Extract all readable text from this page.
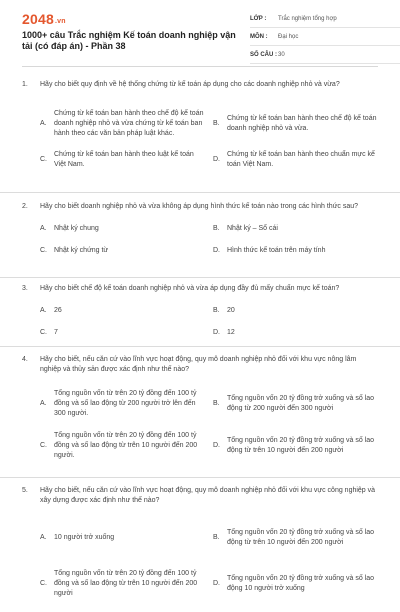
2048.vn
1000+ câu Trắc nghiệm Kế toán doanh nghiệp vận tải (có đáp án) - Phần 38
LỚP :	Trắc nghiệm tổng hợp
MÔN :	Đại học
SỐ CÂU : 30
1.	Hãy cho biết quy định về hệ thống chứng từ kế toán áp dụng cho các doanh nghiệp nhỏ và vừa?
A.
Chứng từ kế toán ban hành theo chế độ kế toán doanh nghiệp nhỏ và vừa chứng từ kế toán ban hành theo các văn bản pháp luật khác.
B.
Chứng từ kế toán ban hành theo chế độ kế toán doanh nghiệp nhỏ và vừa.
C.
Chứng từ kế toán ban hành theo luật kế toán Việt Nam.
D.
Chứng từ kế toán ban hành theo chuẩn mực kế toán Việt Nam.
2.	Hãy cho biết doanh nghiệp nhỏ và vừa không áp dụng hình thức kế toán nào trong các hình thức sau?
A.	Nhật ký chung	B.	Nhật ký – Sổ cái
C.	Nhật ký chứng từ	D.	Hình thức kế toán trên máy tính
3.	Hãy cho biết chế độ kế toán doanh nghiệp nhỏ và vừa áp dụng đầy đủ mấy chuẩn mực kế toán?
A.	26	B.	20
C.	7	D.	12
4.	Hãy cho biết, nếu căn cứ vào lĩnh vực hoạt động, quy mô doanh nghiệp nhỏ đối với khu vực nông lâm nghiệp và thủy sản được xác định như thế nào?
A.
Tổng nguồn vốn từ trên 20 tỷ đồng đến 100 tỷ đồng và số lao động từ 200 người trở lên đến 300 người.
B.
Tổng nguồn vốn 20 tỷ đồng trở xuống và số lao động từ 200 người đến 300 người
C.
Tổng nguồn vốn từ trên 20 tỷ đồng đến 100 tỷ đồng và số lao động từ trên 10 người đến 200 người.
D.
Tổng nguồn vốn 20 tỷ đồng trở xuống và số lao động từ trên 10 người đến 200 người
5.	Hãy cho biết, nếu căn cứ vào lĩnh vực hoạt động, quy mô doanh nghiệp nhỏ đối với khu vực công nghiệp và xây dựng được xác định như thế nào?
A.	10 người trở xuống	B.
Tổng nguồn vốn 20 tỷ đồng trở xuống và số lao động từ trên 10 người đến 200 người
C.
Tổng nguồn vốn từ trên 20 tỷ đồng đến 100 tỷ đồng và số lao động từ trên 10 người đến 200 người
D.
Tổng nguồn vốn 20 tỷ đồng trở xuống và số lao động 10 người trở xuống
